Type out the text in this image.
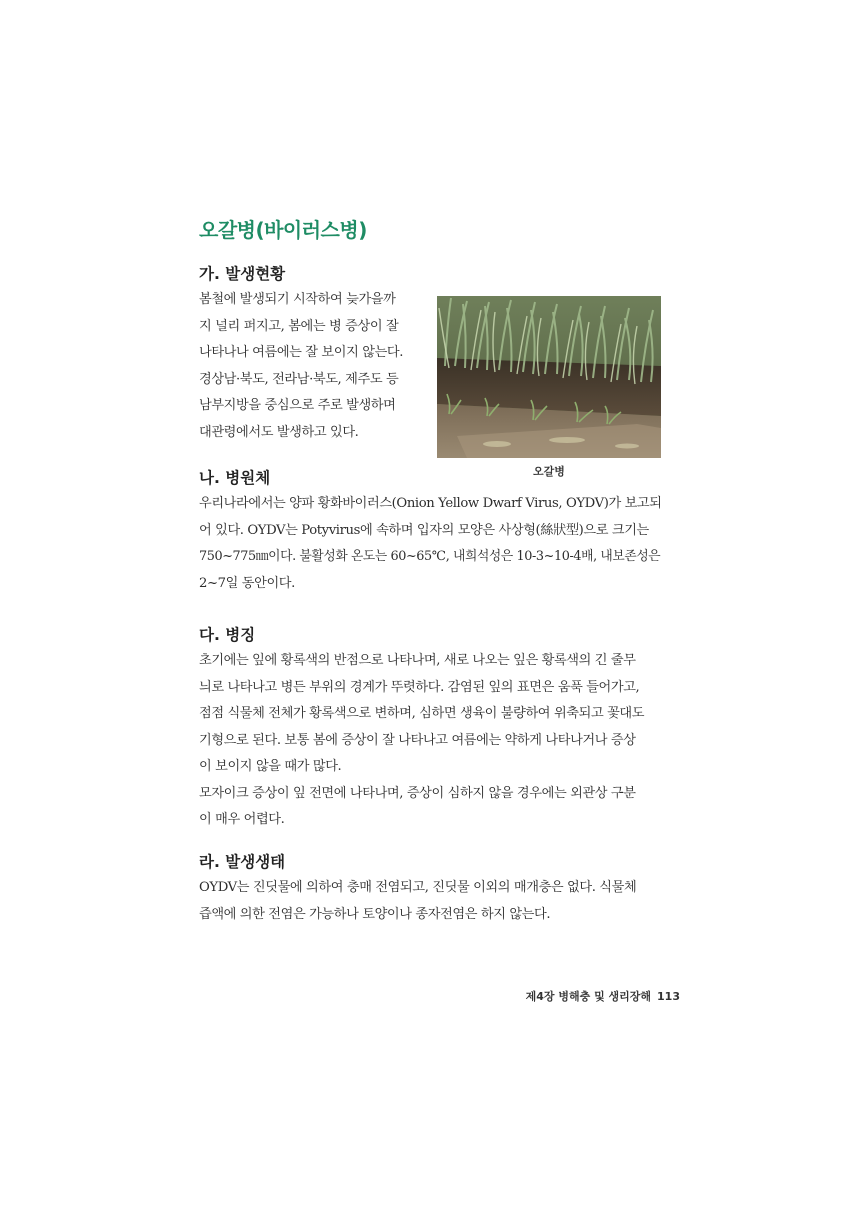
오갈병(바이러스병)
가. 발생현황
봄철에 발생되기 시작하여 늦가을까
지 널리 퍼지고, 봄에는 병 증상이 잘
나타나나 여름에는 잘 보이지 않는다.
경상남·북도, 전라남·북도, 제주도 등
남부지방을 중심으로 주로 발생하며
대관령에서도 발생하고 있다.
오갈병
나. 병원체
우리나라에서는 양파 황화바이러스(Onion Yellow Dwarf Virus, OYDV)가 보고되
어 있다. OYDV는 Potyvirus에 속하며 입자의 모양은 사상형(絲狀型)으로 크기는
750~775㎚이다. 불활성화 온도는 60~65℃, 내희석성은 10-3~10-4배, 내보존성은
2~7일 동안이다.
다. 병징
초기에는 잎에 황록색의 반점으로 나타나며, 새로 나오는 잎은 황록색의 긴 줄무
늬로 나타나고 병든 부위의 경계가 뚜렷하다. 감염된 잎의 표면은 움푹 들어가고,
점점 식물체 전체가 황록색으로 변하며, 심하면 생육이 불량하여 위축되고 꽃대도
기형으로 된다. 보통 봄에 증상이 잘 나타나고 여름에는 약하게 나타나거나 증상
이 보이지 않을 때가 많다.
모자이크 증상이 잎 전면에 나타나며, 증상이 심하지 않을 경우에는 외관상 구분
이 매우 어렵다.
라. 발생생태
OYDV는 진딧물에 의하여 충매 전염되고, 진딧물 이외의 매개충은 없다. 식물체
즙액에 의한 전염은 가능하나 토양이나 종자전염은 하지 않는다.
제4장 병해충 및 생리장해 113
